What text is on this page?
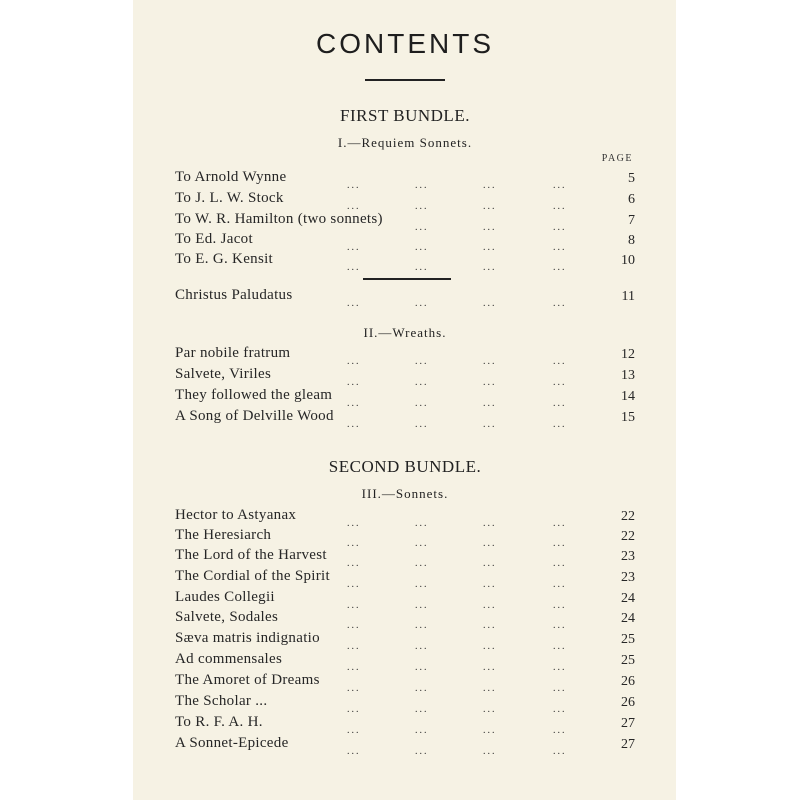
CONTENTS
FIRST BUNDLE.
I.—Requiem Sonnets.
PAGE
To Arnold Wynne	5
...	...	...	...
To J. L. W. Stock	6
...	...	...	...
To W. R. Hamilton (two sonnets)	7
...	...	...
To Ed. Jacot	8
...	...	...	...
To E. G. Kensit	10
...	...	...	...
Christus Paludatus	11
...	...	...	...
II.—Wreaths.
Par nobile fratrum	12
...	...	...	...
Salvete, Viriles	13
...	...	...	...
They followed the gleam	14
...	...	...	...
A Song of Delville Wood	15
...	...	...	...
SECOND BUNDLE.
III.—Sonnets.
Hector to Astyanax	22
...	...	...	...
The Heresiarch	22
...	...	...	...
The Lord of the Harvest	23
...	...	...	...
The Cordial of the Spirit	23
...	...	...	...
Laudes Collegii	24
...	...	...	...
Salvete, Sodales	24
...	...	...	...
Sæva matris indignatio	25
...	...	...	...
Ad commensales	25
...	...	...	...
The Amoret of Dreams	26
...	...	...	...
The Scholar ...	26
...	...	...	...
To R. F. A. H.	27
...	...	...	...
A Sonnet-Epicede	27
...	...	...	...
